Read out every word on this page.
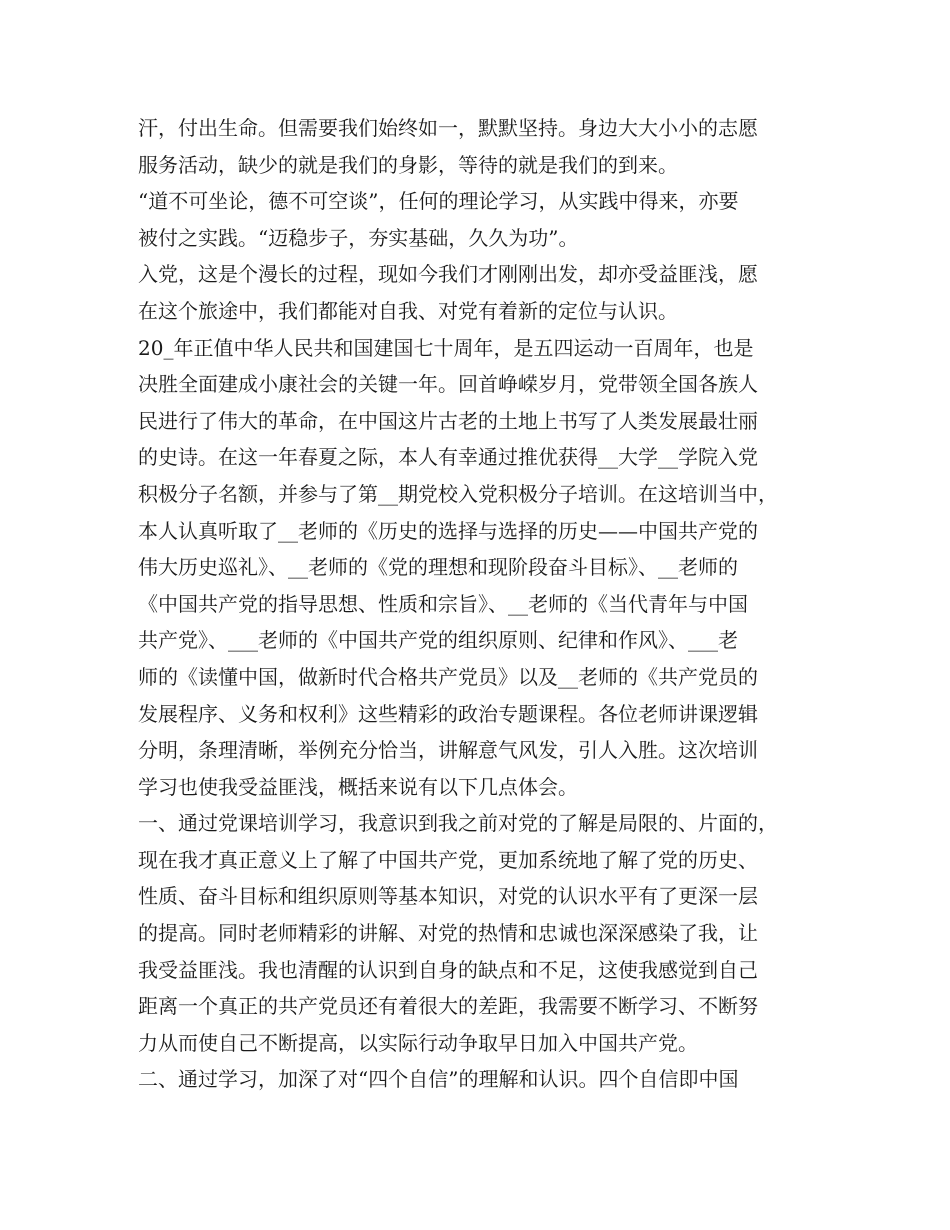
汗，付出生命。但需要我们始终如一，默默坚持。身边大大小小的志愿
服务活动，缺少的就是我们的身影，等待的就是我们的到来。
“道不可坐论，德不可空谈”，任何的理论学习，从实践中得来，亦要
被付之实践。“迈稳步子，夯实基础，久久为功”。
入党，这是个漫长的过程，现如今我们才刚刚出发，却亦受益匪浅，愿
在这个旅途中，我们都能对自我、对党有着新的定位与认识。
20_年正值中华人民共和国建国七十周年，是五四运动一百周年，也是
决胜全面建成小康社会的关键一年。回首峥嵘岁月，党带领全国各族人
民进行了伟大的革命，在中国这片古老的土地上书写了人类发展最壮丽
的史诗。在这一年春夏之际，本人有幸通过推优获得__大学__学院入党
积极分子名额，并参与了第__期党校入党积极分子培训。在这培训当中，
本人认真听取了__老师的《历史的选择与选择的历史——中国共产党的
伟大历史巡礼》、__老师的《党的理想和现阶段奋斗目标》、__老师的
《中国共产党的指导思想、性质和宗旨》、__老师的《当代青年与中国
共产党》、___老师的《中国共产党的组织原则、纪律和作风》、___老
师的《读懂中国，做新时代合格共产党员》以及__老师的《共产党员的
发展程序、义务和权利》这些精彩的政治专题课程。各位老师讲课逻辑
分明，条理清晰，举例充分恰当，讲解意气风发，引人入胜。这次培训
学习也使我受益匪浅，概括来说有以下几点体会。
一、通过党课培训学习，我意识到我之前对党的了解是局限的、片面的，
现在我才真正意义上了解了中国共产党，更加系统地了解了党的历史、
性质、奋斗目标和组织原则等基本知识，对党的认识水平有了更深一层
的提高。同时老师精彩的讲解、对党的热情和忠诚也深深感染了我，让
我受益匪浅。我也清醒的认识到自身的缺点和不足，这使我感觉到自己
距离一个真正的共产党员还有着很大的差距，我需要不断学习、不断努
力从而使自己不断提高，以实际行动争取早日加入中国共产党。
二、通过学习，加深了对“四个自信”的理解和认识。四个自信即中国
